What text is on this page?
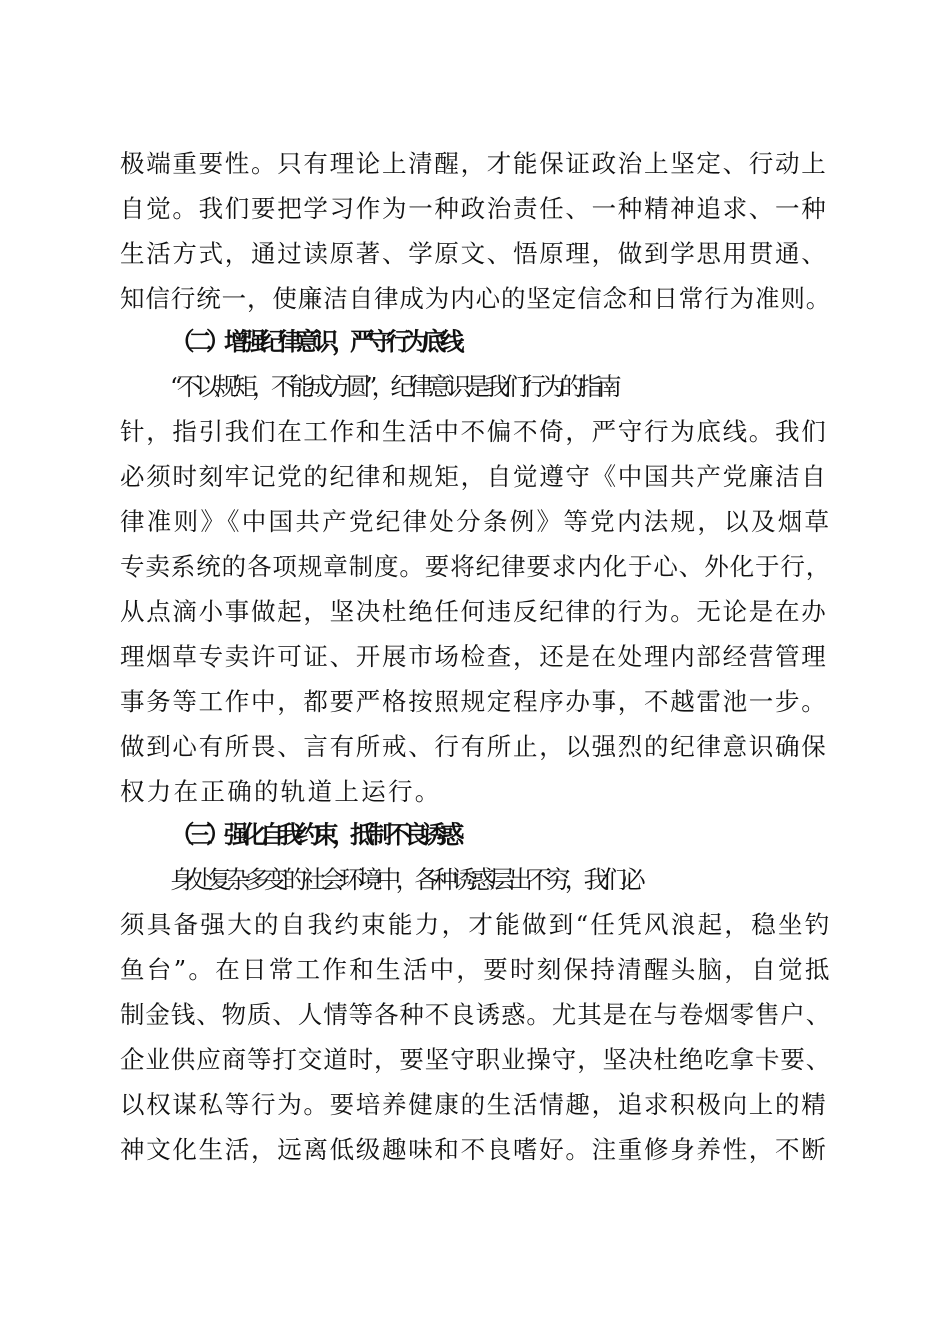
极端重要性。只有理论上清醒，才能保证政治上坚定、行动上
自觉。我们要把学习作为一种政治责任、一种精神追求、一种
生活方式，通过读原著、学原文、悟原理，做到学思用贯通、
知信行统一，使廉洁自律成为内心的坚定信念和日常行为准则。
（二）增强纪律意识，严守行为底线
“不以规矩，不能成方圆”，纪律意识是我们行为的指南
针，指引我们在工作和生活中不偏不倚，严守行为底线。我们
必须时刻牢记党的纪律和规矩，自觉遵守《中国共产党廉洁自
律准则》《中国共产党纪律处分条例》等党内法规，以及烟草
专卖系统的各项规章制度。要将纪律要求内化于心、外化于行，
从点滴小事做起，坚决杜绝任何违反纪律的行为。无论是在办
理烟草专卖许可证、开展市场检查，还是在处理内部经营管理
事务等工作中，都要严格按照规定程序办事，不越雷池一步。
做到心有所畏、言有所戒、行有所止，以强烈的纪律意识确保
权力在正确的轨道上运行。
（三）强化自我约束，抵制不良诱惑
身处复杂多变的社会环境中，各种诱惑层出不穷，我们必
须具备强大的自我约束能力，才能做到“任凭风浪起，稳坐钓
鱼台”。在日常工作和生活中，要时刻保持清醒头脑，自觉抵
制金钱、物质、人情等各种不良诱惑。尤其是在与卷烟零售户、
企业供应商等打交道时，要坚守职业操守，坚决杜绝吃拿卡要、
以权谋私等行为。要培养健康的生活情趣，追求积极向上的精
神文化生活，远离低级趣味和不良嗜好。注重修身养性，不断
